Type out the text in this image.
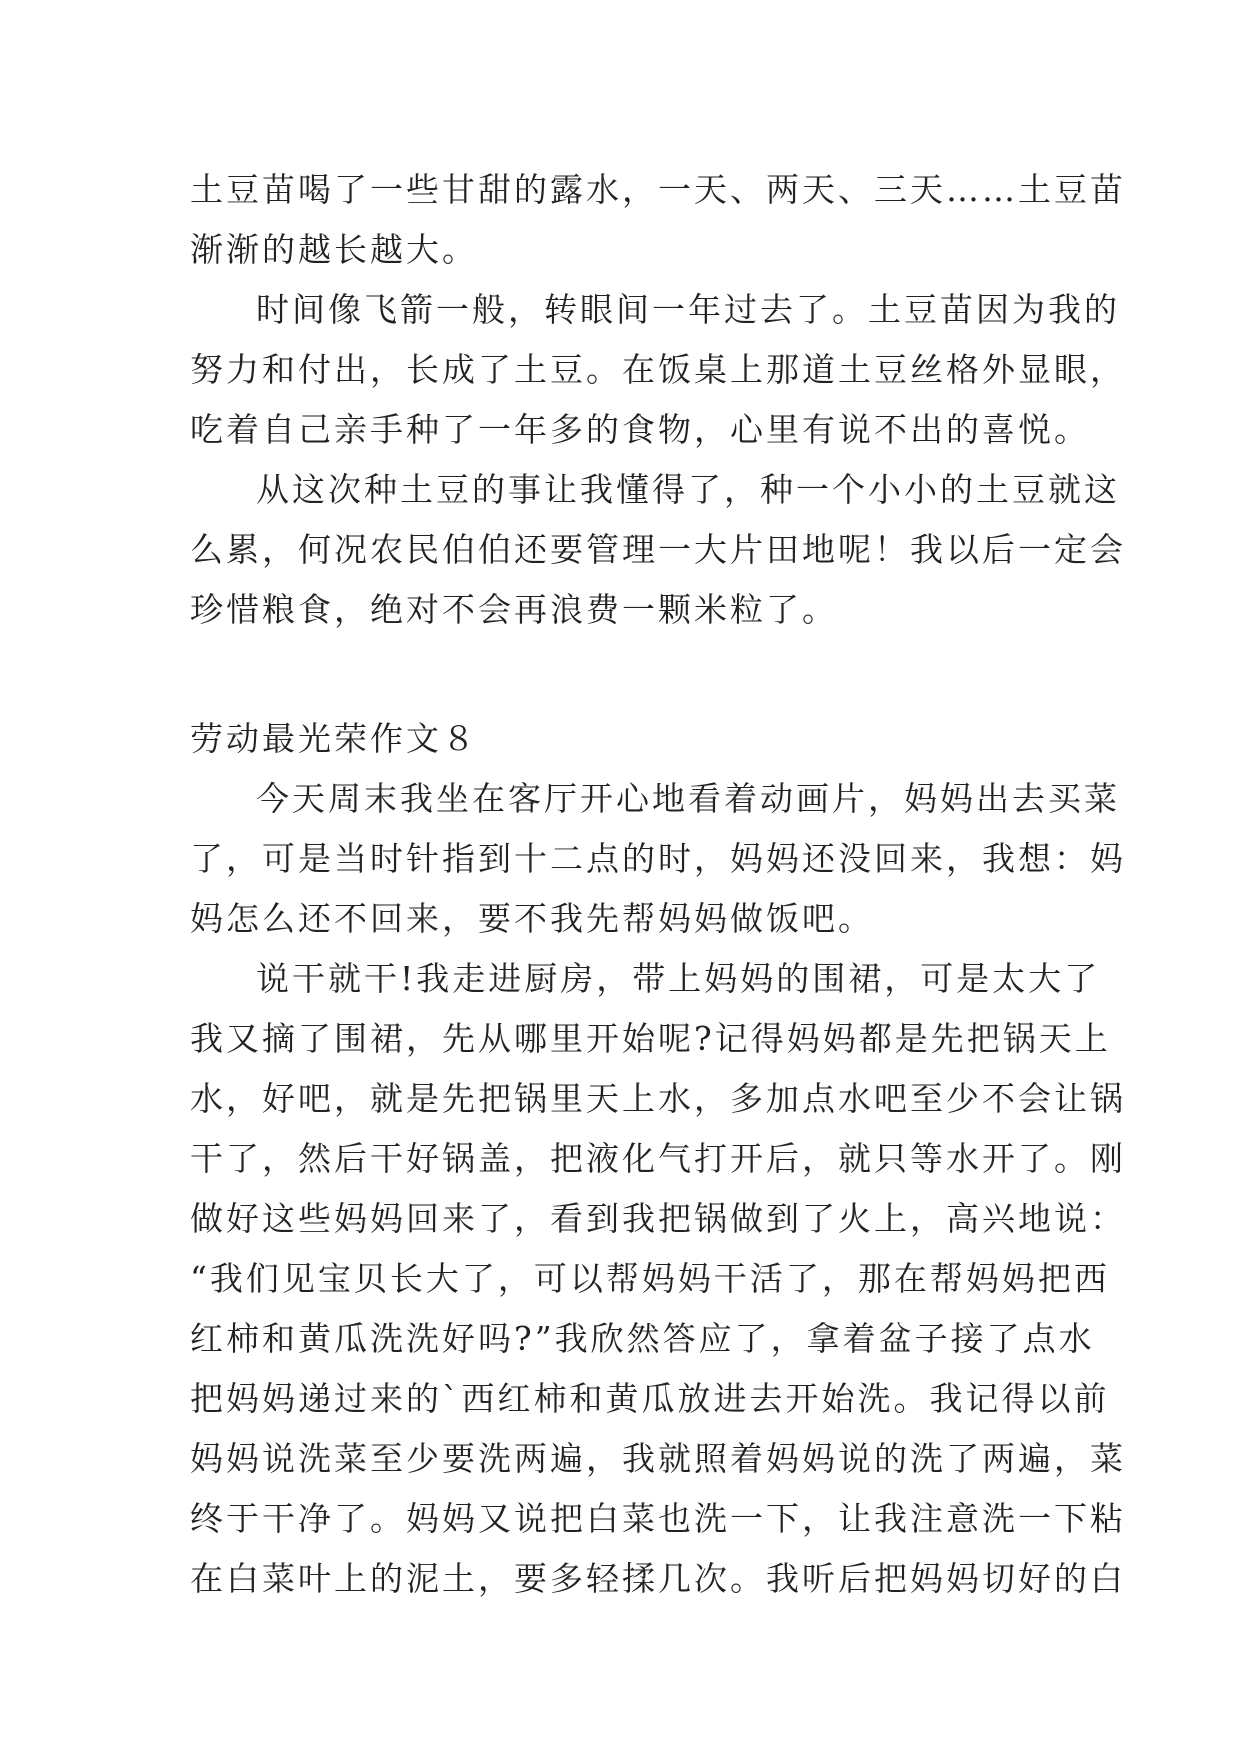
土豆苗喝了一些甘甜的露水，一天、两天、三天……土豆苗
渐渐的越长越大。
时间像飞箭一般，转眼间一年过去了。土豆苗因为我的
努力和付出，长成了土豆。在饭桌上那道土豆丝格外显眼，
吃着自己亲手种了一年多的食物，心里有说不出的喜悦。
从这次种土豆的事让我懂得了，种一个小小的土豆就这
么累，何况农民伯伯还要管理一大片田地呢！我以后一定会
珍惜粮食，绝对不会再浪费一颗米粒了。
劳动最光荣作文８
今天周末我坐在客厅开心地看着动画片，妈妈出去买菜
了，可是当时针指到十二点的时，妈妈还没回来，我想：妈
妈怎么还不回来，要不我先帮妈妈做饭吧。
说干就干!我走进厨房，带上妈妈的围裙，可是太大了
我又摘了围裙，先从哪里开始呢?记得妈妈都是先把锅天上
水，好吧，就是先把锅里天上水，多加点水吧至少不会让锅
干了，然后干好锅盖，把液化气打开后，就只等水开了。刚
做好这些妈妈回来了，看到我把锅做到了火上，高兴地说：
“我们见宝贝长大了，可以帮妈妈干活了，那在帮妈妈把西
红柿和黄瓜洗洗好吗?”我欣然答应了，拿着盆子接了点水
把妈妈递过来的`西红柿和黄瓜放进去开始洗。我记得以前
妈妈说洗菜至少要洗两遍，我就照着妈妈说的洗了两遍，菜
终于干净了。妈妈又说把白菜也洗一下，让我注意洗一下粘
在白菜叶上的泥土，要多轻揉几次。我听后把妈妈切好的白
